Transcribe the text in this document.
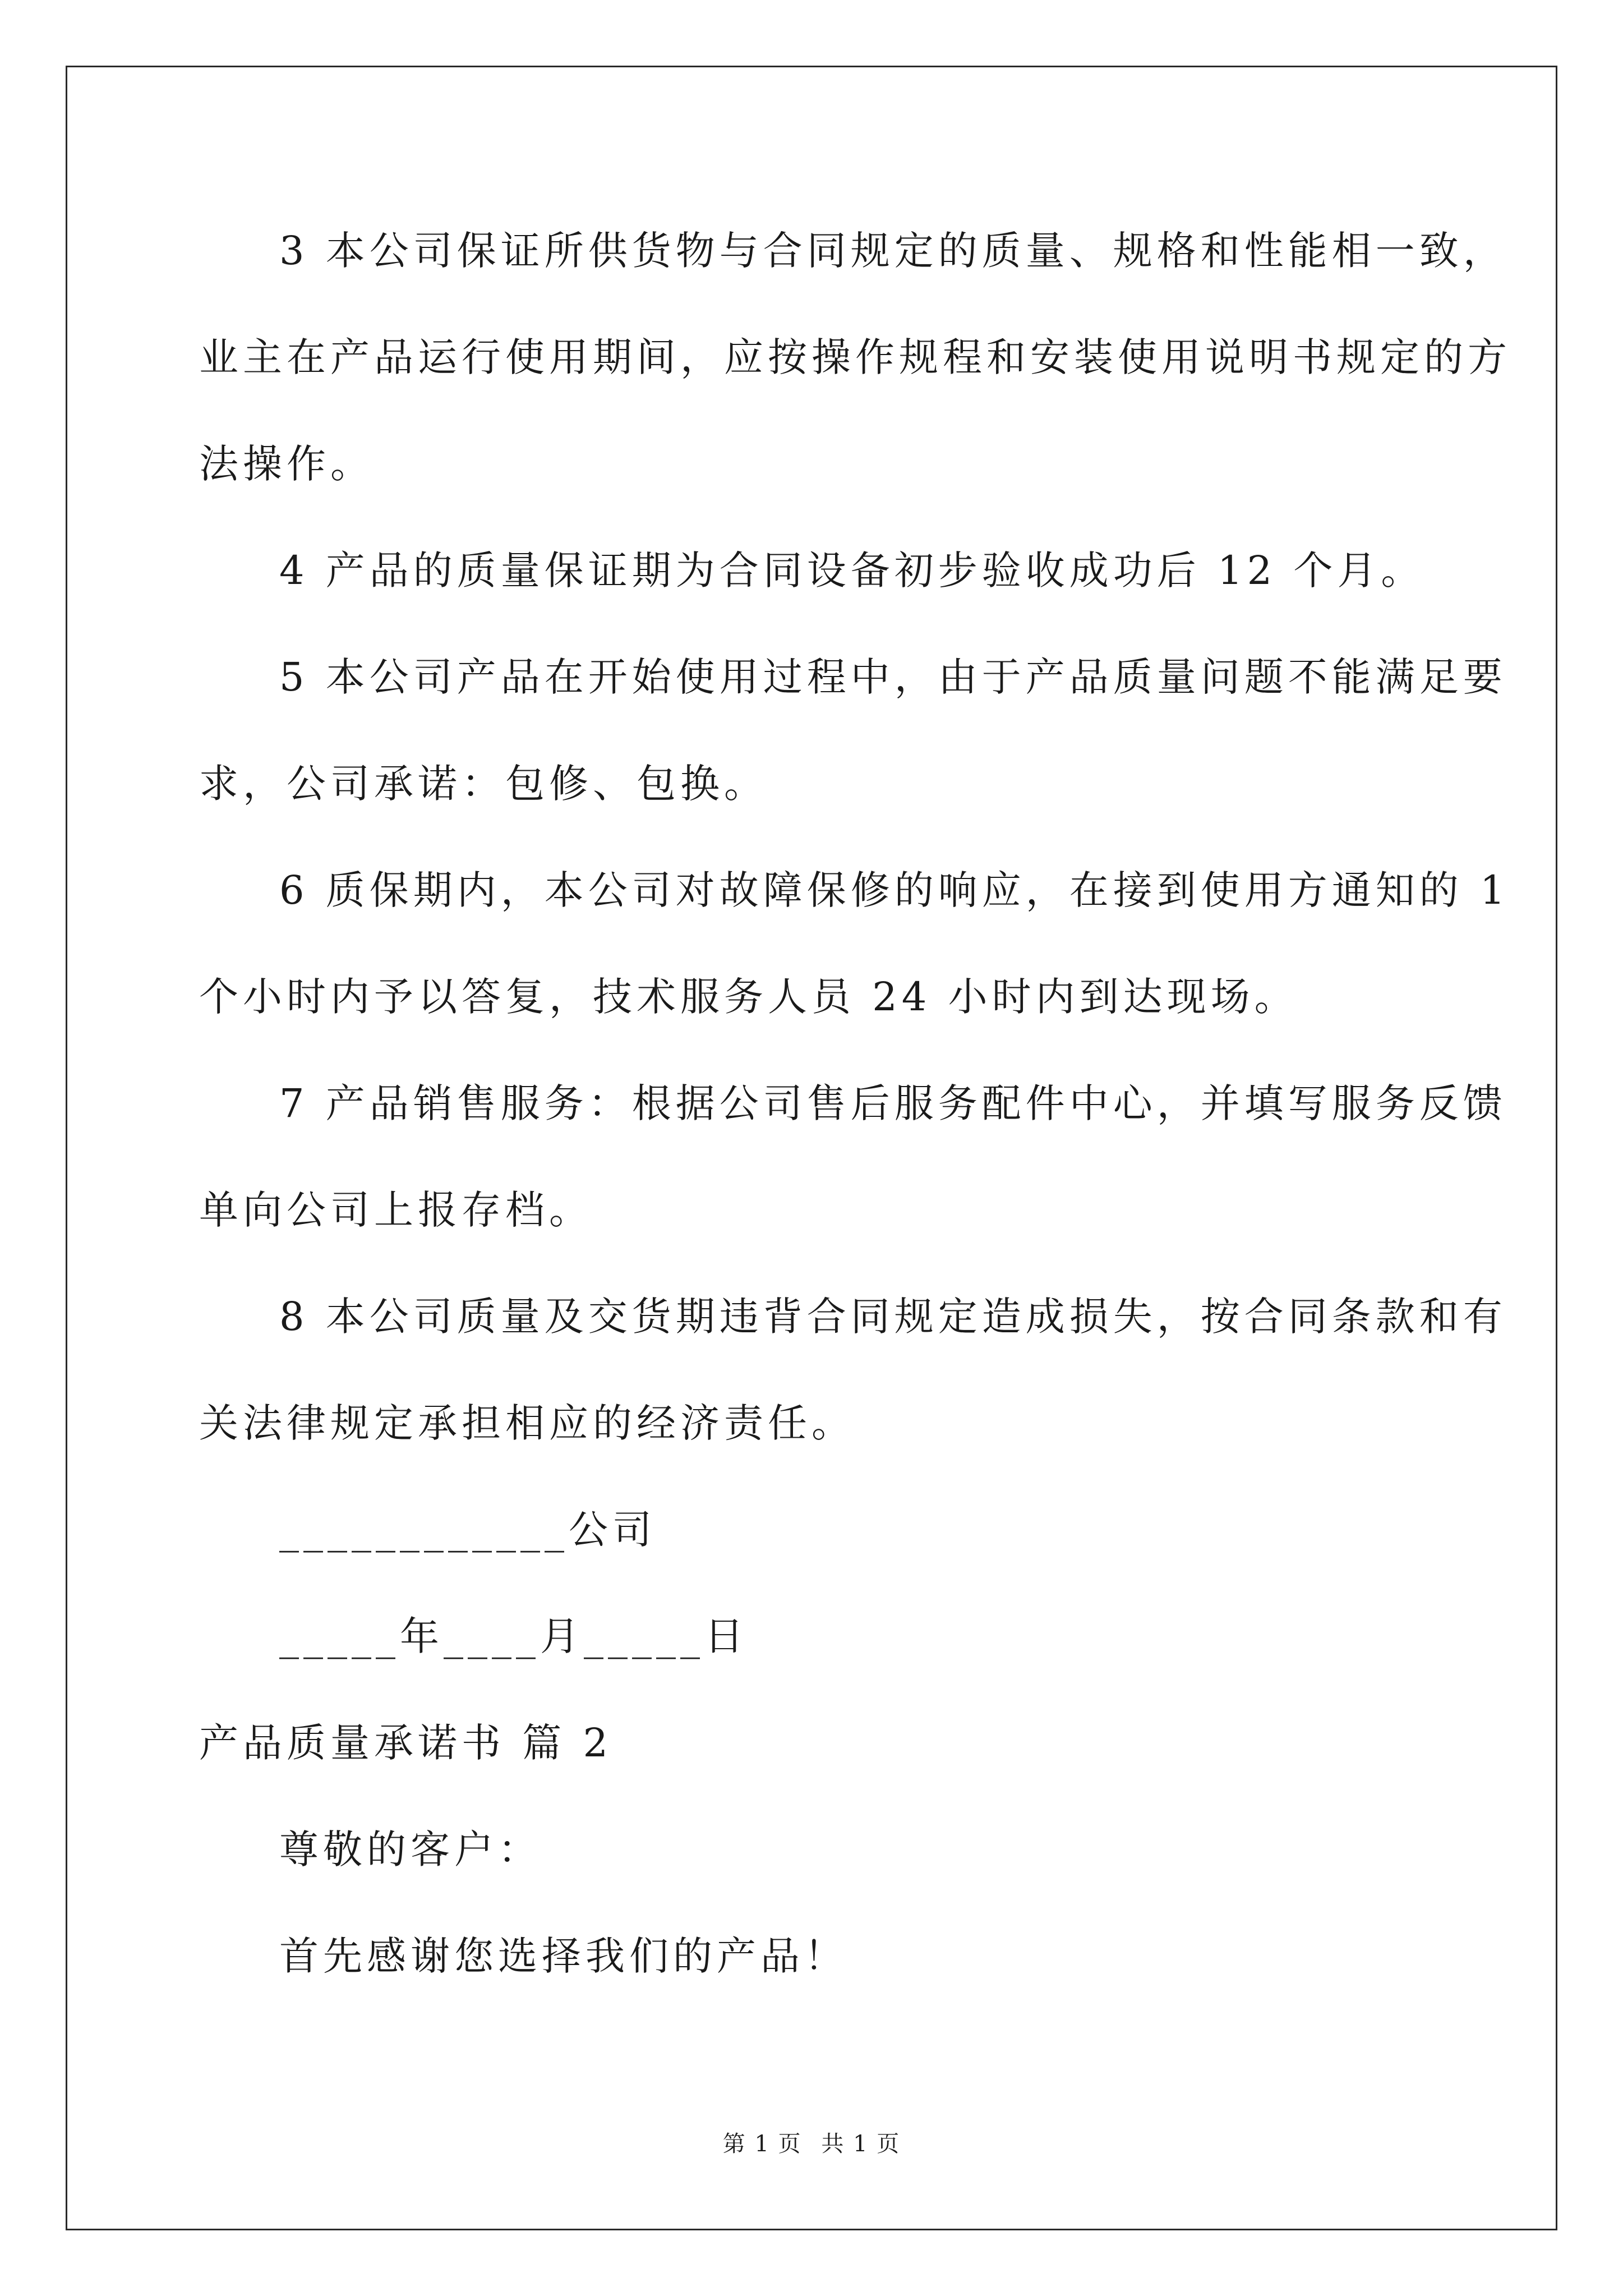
3 本公司保证所供货物与合同规定的质量、规格和性能相一致，
业主在产品运行使用期间，应按操作规程和安装使用说明书规定的方
法操作。
4 产品的质量保证期为合同设备初步验收成功后 12 个月。
5 本公司产品在开始使用过程中，由于产品质量问题不能满足要
求，公司承诺：包修、包换。
6 质保期内，本公司对故障保修的响应，在接到使用方通知的 1
个小时内予以答复，技术服务人员 24 小时内到达现场。
7 产品销售服务：根据公司售后服务配件中心，并填写服务反馈
单向公司上报存档。
8 本公司质量及交货期违背合同规定造成损失，按合同条款和有
关法律规定承担相应的经济责任。
____________公司
_____年____月_____日
产品质量承诺书 篇 2
尊敬的客户：
首先感谢您选择我们的产品！
第 1 页 共 1 页
